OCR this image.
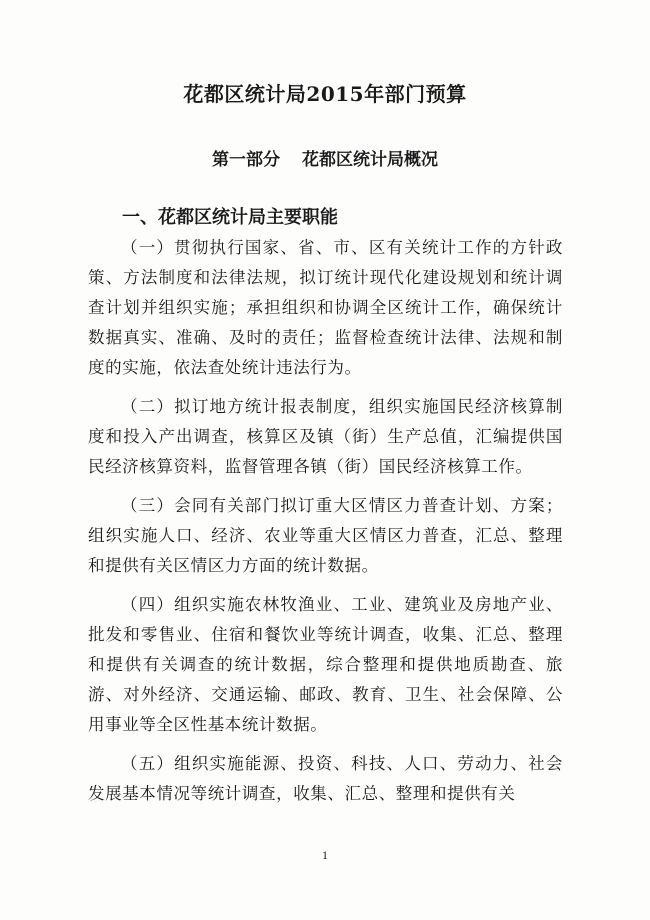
花都区统计局2015年部门预算
第一部分 花都区统计局概况
一、花都区统计局主要职能

（一）贯彻执行国家、省、市、区有关统计工作的方针政策、方法制度和法律法规，拟订统计现代化建设规划和统计调查计划并组织实施；承担组织和协调全区统计工作，确保统计数据真实、准确、及时的责任；监督检查统计法律、法规和制度的实施，依法查处统计违法行为。

（二）拟订地方统计报表制度，组织实施国民经济核算制度和投入产出调查，核算区及镇（街）生产总值，汇编提供国民经济核算资料，监督管理各镇（街）国民经济核算工作。

（三）会同有关部门拟订重大区情区力普查计划、方案；组织实施人口、经济、农业等重大区情区力普查，汇总、整理和提供有关区情区力方面的统计数据。

（四）组织实施农林牧渔业、工业、建筑业及房地产业、批发和零售业、住宿和餐饮业等统计调查，收集、汇总、整理和提供有关调查的统计数据，综合整理和提供地质勘查、旅游、对外经济、交通运输、邮政、教育、卫生、社会保障、公用事业等全区性基本统计数据。

（五）组织实施能源、投资、科技、人口、劳动力、社会发展基本情况等统计调查，收集、汇总、整理和提供有关

1
